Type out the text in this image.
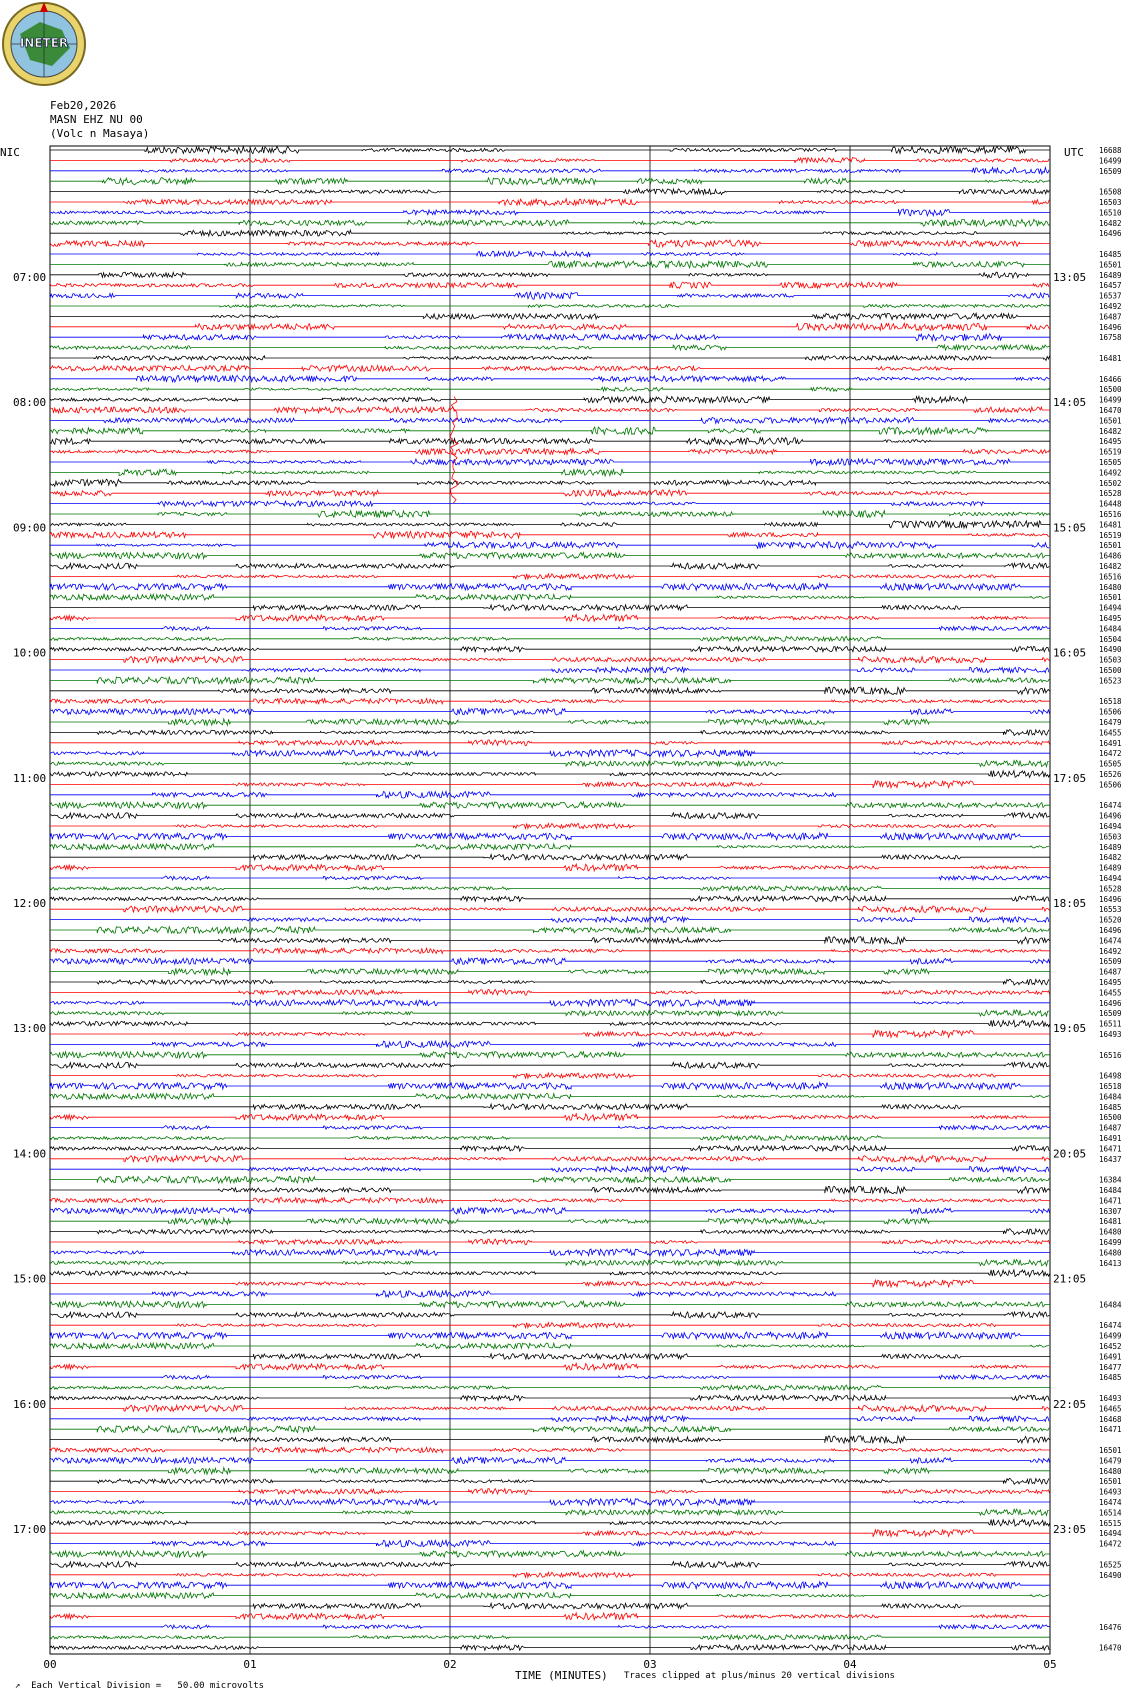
INETER
Feb20,2026
MASN EHZ NU 00
(Volc n Masaya)
00	01	02	03	04	05
16688
16499
16509
16508
16503
16510
16482
16496
16485
16501
16489
16457
16537
16492
16487
16496
16758
16481
16466
16500
16499
16470
16501
16482
16495
16519
16505
16492
16502
16528
16448
16516
16481
16519
16501
16486
16482
16516
16480
16501
16494
16495
16484
16504
16490
16503
16500
16523
16518
16506
16479
16455
16491
16472
16505
16526
16506
16474
16496
16494
16503
16489
16482
16489
16494
16528
16496
16553
16520
16496
16474
16492
16509
16487
16495
16455
16496
16509
16511
16493
16516
16498
16518
16484
16485
16500
16487
16491
16471
16437
16384
16484
16471
16307
16481
16480
16499
16480
16413
16484
16474
16499
16452
16491
16477
16485
16493
16465
16468
16471
16501
16479
16480
16501
16493
16474
16514
16515
16494
16472
16525
16490
16476
16470
NIC	UTC
07:00
08:00
09:00
10:00
11:00
12:00
13:00
14:00
15:00
16:00
17:00
13:05
14:05
15:05
16:05
17:05
18:05
19:05
20:05
21:05
22:05
23:05

↗ Each Vertical Division =   50.00 microvolts

TIME (MINUTES) Traces clipped at plus/minus 20 vertical divisions
